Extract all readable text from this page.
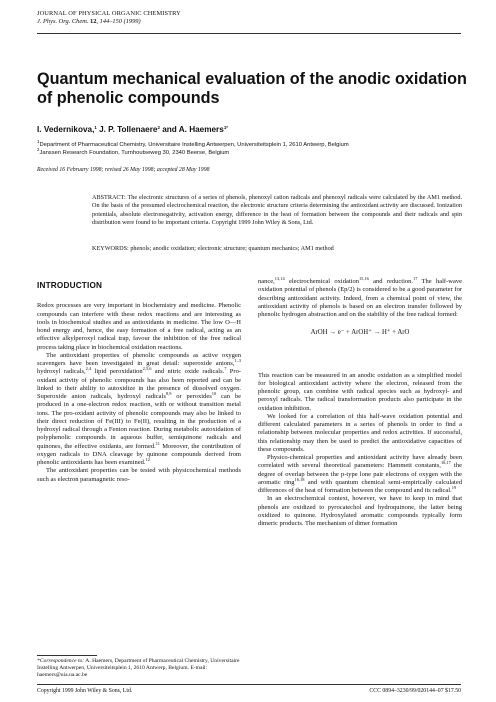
JOURNAL OF PHYSICAL ORGANIC CHEMISTRY
J. Phys. Org. Chem. 12, 144–150 (1999)
Quantum mechanical evaluation of the anodic oxidation of phenolic compounds
I. Vedernikova,$^1$ J. P. Tollenaere$^2$ and A. Haemers$^{1*}$
$^1$Department of Pharmaceutical Chemistry, Universitaire Instelling Antwerpen, Universiteitsplein 1, 2610 Antwerp, Belgium
$^2$Janssen Research Foundation, Turnhoutseweg 30, 2340 Beerse, Belgium
Received 16 February 1998; revised 26 May 1998; accepted 28 May 1998

ABSTRACT: The electronic structures of a series of phenols, phenoxyl cation radicals and phenoxyl radicals were calculated by the AM1 method. On the basis of the presumed electrochemical reaction, the electronic structure criteria determining the antioxidant activity are discussed. Ionization potentials, absolute electronegativity, activation energy, difference in the heat of formation between the compounds and their radicals and spin distribution were found to be important criteria. Copyright 1999 John Wiley & Sons, Ltd.

KEYWORDS: phenols; anodic oxidation; electronic structure; quantum mechanics; AM1 method

INTRODUCTION

Redox processes are very important in biochemistry and medicine. Phenolic compounds can interfere with these redox reactions and are interesting as tools in biochemical studies and as antioxidants in medicine. The low O—H bond energy and, hence, the easy formation of a free radical, acting as an effective alkylperoxyl radical trap, favour the inhibition of the free radical process taking place in biochemical oxidation reactions.

The antioxidant properties of phenolic compounds as active oxygen scavengers have been investigated in great detail: superoxide anions,$^{1-3}$ hydroxyl radicals,$^{2,4}$ lipid peroxidation$^{2,5,6}$ and nitric oxide radicals.$^7$ Pro-oxidant activity of phenolic compounds has also been reported and can be linked to their ability to autoxidize in the presence of dissolved oxygen. Superoxide anion radicals, hydroxyl radicals$^{8,9}$ or peroxides$^{10}$ can be produced in a one-electron redox reaction, with or without transition metal ions. The pro-oxidant activity of phenolic compounds may also be linked to their direct reduction of Fe(III) to Fe(II), resulting in the production of a hydroxyl radical through a Fenton reaction. During metabolic autoxidation of polyphenolic compounds in aqueous buffer, semiquinone radicals and quinones, the effective oxidants, are formed.$^{11}$ Moreover, the contribution of oxygen radicals to DNA cleavage by quinone compounds derived from phenolic antioxidants has been examined.$^{12}$

The antioxidant properties can be tested with physicochemical methods such as electron paramagnetic reso-

nance,$^{13,14}$ electrochemical oxidation$^{15,16}$ and reduction.$^{17}$ The half-wave oxidation potential of phenols (Ep/2) is considered to be a good parameter for describing antioxidant activity. Indeed, from a chemical point of view, the antioxidant activity of phenols is based on an electron transfer followed by phenolic hydrogen abstraction and on the stability of the free radical formed:

ArOH → e⁻ + ArOH⁺ → H⁺ + ArO

This reaction can be measured in an anodic oxidation as a simplified model for biological antioxidant activity where the electron, released from the phenolic group, can combine with radical species such as hydroxyl- and peroxyl radicals. The radical transformation products also participate in the oxidation inhibition.

We looked for a correlation of this half-wave oxidation potential and different calculated parameters in a series of phenols in order to find a relationship between molecular properties and redox activities. If successful, this relationship may then be used to predict the antioxidative capacities of these compounds.

Physico-chemical properties and antioxidant activity have already been correlated with several theoretical parameters: Hammett constants,$^{16,17}$ the degree of overlap between the p-type lone pair electrons of oxygen with the aromatic ring$^{16,18}$ and with quantum chemical semi-empirically calculated differences of the heat of formation between the compound and its radical.$^{19}$

In an electrochemical context, however, we have to keep in mind that phenols are oxidized to pyrocatechol and hydroquinone, the latter being oxidized to quinone. Hydroxylated aromatic compounds typically form dimeric products. The mechanism of dimer formation

*Correspondence to: A. Haemers, Department of Pharmaceutical Chemistry, Universitaire Instelling Antwerpen, Universiteitsplein 1, 2610 Antwerp, Belgium. E-mail: haemers@uia.ua.ac.be
Copyright 1999 John Wiley & Sons, Ltd.	CCC 0894–3230/99/020144–07 $17.50
